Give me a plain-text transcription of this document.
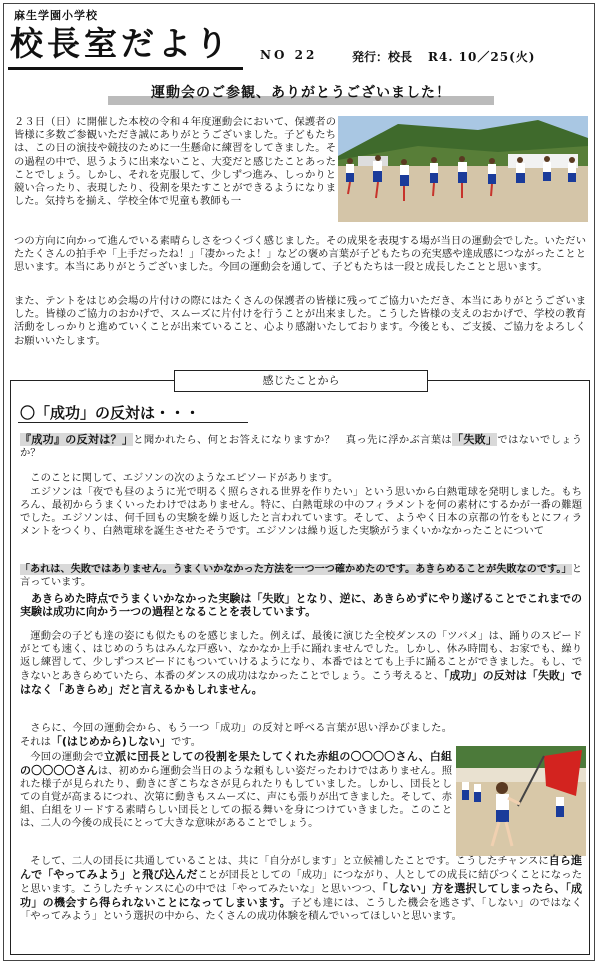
麻生学園小学校
校長室だより NO 22	発行：校長 R4. 10／25(火)
運動会のご参観、ありがとうございました！
２３日（日）に開催した本校の令和４年度運動会において、保護者の皆様に多数ご参観いただき誠にありがとうございました。子どもたちは、この日の演技や競技のために一生懸命に練習をしてきました。その過程の中で、思うように出来ないこと、大変だと感じたことあったことでしょう。しかし、それを克服して、少しずつ進み、しっかりと競い合ったり、表現したり、役割を果たすことができるようになりました。気持ちを揃え、学校全体で児童も教師も一
つの方向に向かって進んでいる素晴らしさをつくづく感じました。その成果を表現する場が当日の運動会でした。いただいたたくさんの拍手や「上手だったね！」「凄かったよ！」などの褒め言葉が子どもたちの充実感や達成感につながったことと思います。本当にありがとうございました。今回の運動会を通して、子どもたちは一段と成長したことと思います。
また、テントをはじめ会場の片付けの際にはたくさんの保護者の皆様に残ってご協力いただき、本当にありがとうございました。皆様のご協力のおかげで、スムーズに片付けを行うことが出来ました。こうした皆様の支えのおかげで、学校の教育活動をしっかりと進めていくことが出来ていること、心より感謝いたしております。今後とも、ご支援、ご協力をよろしくお願いいたします。
感じたことから
〇「成功」の反対は・・・
『成功』の反対は？」と聞かれたら、何とお答えになりますか？　真っ先に浮かぶ言葉は「失敗」ではないでしょうか？
このことに関して、エジソンの次のようなエピソードがあります。
エジソンは「夜でも昼のように光で明るく照らされる世界を作りたい」という思いから白熱電球を発明しました。もちろん、最初からうまくいったわけではありません。特に、白熱電球の中のフィラメントを何の素材にするかが一番の難題でした。エジソンは、何千回もの実験を繰り返したと言われています。そして、ようやく日本の京都の竹をもとにフィラメントをつくり、白熱電球を誕生させたそうです。エジソンは繰り返した実験がうまくいかなかったことについて
「あれは、失敗ではありません。うまくいかなかった方法を一つ一つ確かめたのです。あきらめることが失敗なのです。」と言っています。
あきらめた時点でうまくいかなかった実験は「失敗」となり、逆に、あきらめずにやり遂げることでこれまでの実験は成功に向かう一つの過程となることを表しています。
運動会の子ども達の姿にも似たものを感じました。例えば、最後に演じた全校ダンスの「ツバメ」は、踊りのスピードがとても速く、はじめのうちはみんな戸惑い、なかなか上手に踊れませんでした。しかし、休み時間も、お家でも、繰り返し練習して、少しずつスピードにもついていけるようになり、本番ではとても上手に踊ることができました。もし、できないとあきらめていたら、本番のダンスの成功はなかったことでしょう。こう考えると、「成功」の反対は「失敗」ではなく「あきらめ」だと言えるかもしれません。
さらに、今回の運動会から、もう一つ「成功」の反対と呼べる言葉が思い浮かびました。それは「(はじめから)しない」です。
今回の運動会で立派に団長としての役割を果たしてくれた赤組の〇〇〇〇さん、白組の〇〇〇〇さんは、初めから運動会当日のような頼もしい姿だったわけではありません。照れた様子が見られたり、動きにぎこちなさが見られたりもしていました。しかし、団長としての自覚が高まるにつれ、次第に動きもスムーズに、声にも張りが出てきました。そして、赤組、白組をリードする素晴らしい団長としての振る舞いを身につけていきました。このことは、二人の今後の成長にとって大きな意味があることでしょう。
そして、二人の団長に共通していることは、共に「自分がします」と立候補したことです。こうしたチャンスに自ら進んで「やってみよう」と飛び込んだことが団長としての「成功」につながり、人としての成長に結びつくことになったと思います。こうしたチャンスに心の中では「やってみたいな」と思いつつ、「しない」方を選択してしまったら、「成功」の機会すら得られないことになってしまいます。子ども達には、こうした機会を逃さず、「しない」のではなく「やってみよう」という選択の中から、たくさんの成功体験を積んでいってほしいと思います。
